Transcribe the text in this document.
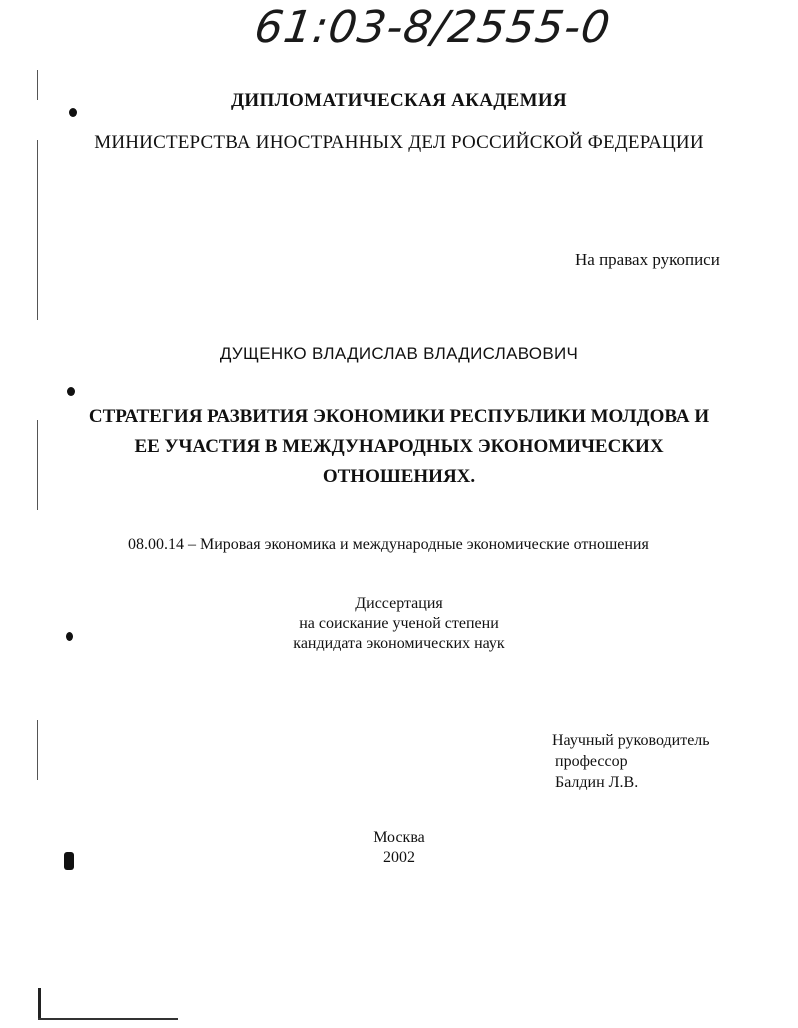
61:03-8/2555-0
ДИПЛОМАТИЧЕСКАЯ АКАДЕМИЯ
МИНИСТЕРСТВА ИНОСТРАННЫХ ДЕЛ РОССИЙСКОЙ ФЕДЕРАЦИИ
На правах рукописи
ДУЩЕНКО ВЛАДИСЛАВ ВЛАДИСЛАВОВИЧ
СТРАТЕГИЯ РАЗВИТИЯ ЭКОНОМИКИ РЕСПУБЛИКИ МОЛДОВА И
ЕЕ УЧАСТИЯ В МЕЖДУНАРОДНЫХ ЭКОНОМИЧЕСКИХ
ОТНОШЕНИЯХ.
08.00.14 – Мировая экономика и международные экономические отношения
Диссертация
на соискание ученой степени
кандидата экономических наук
Научный руководитель
профессор
Балдин Л.В.
Москва
2002
